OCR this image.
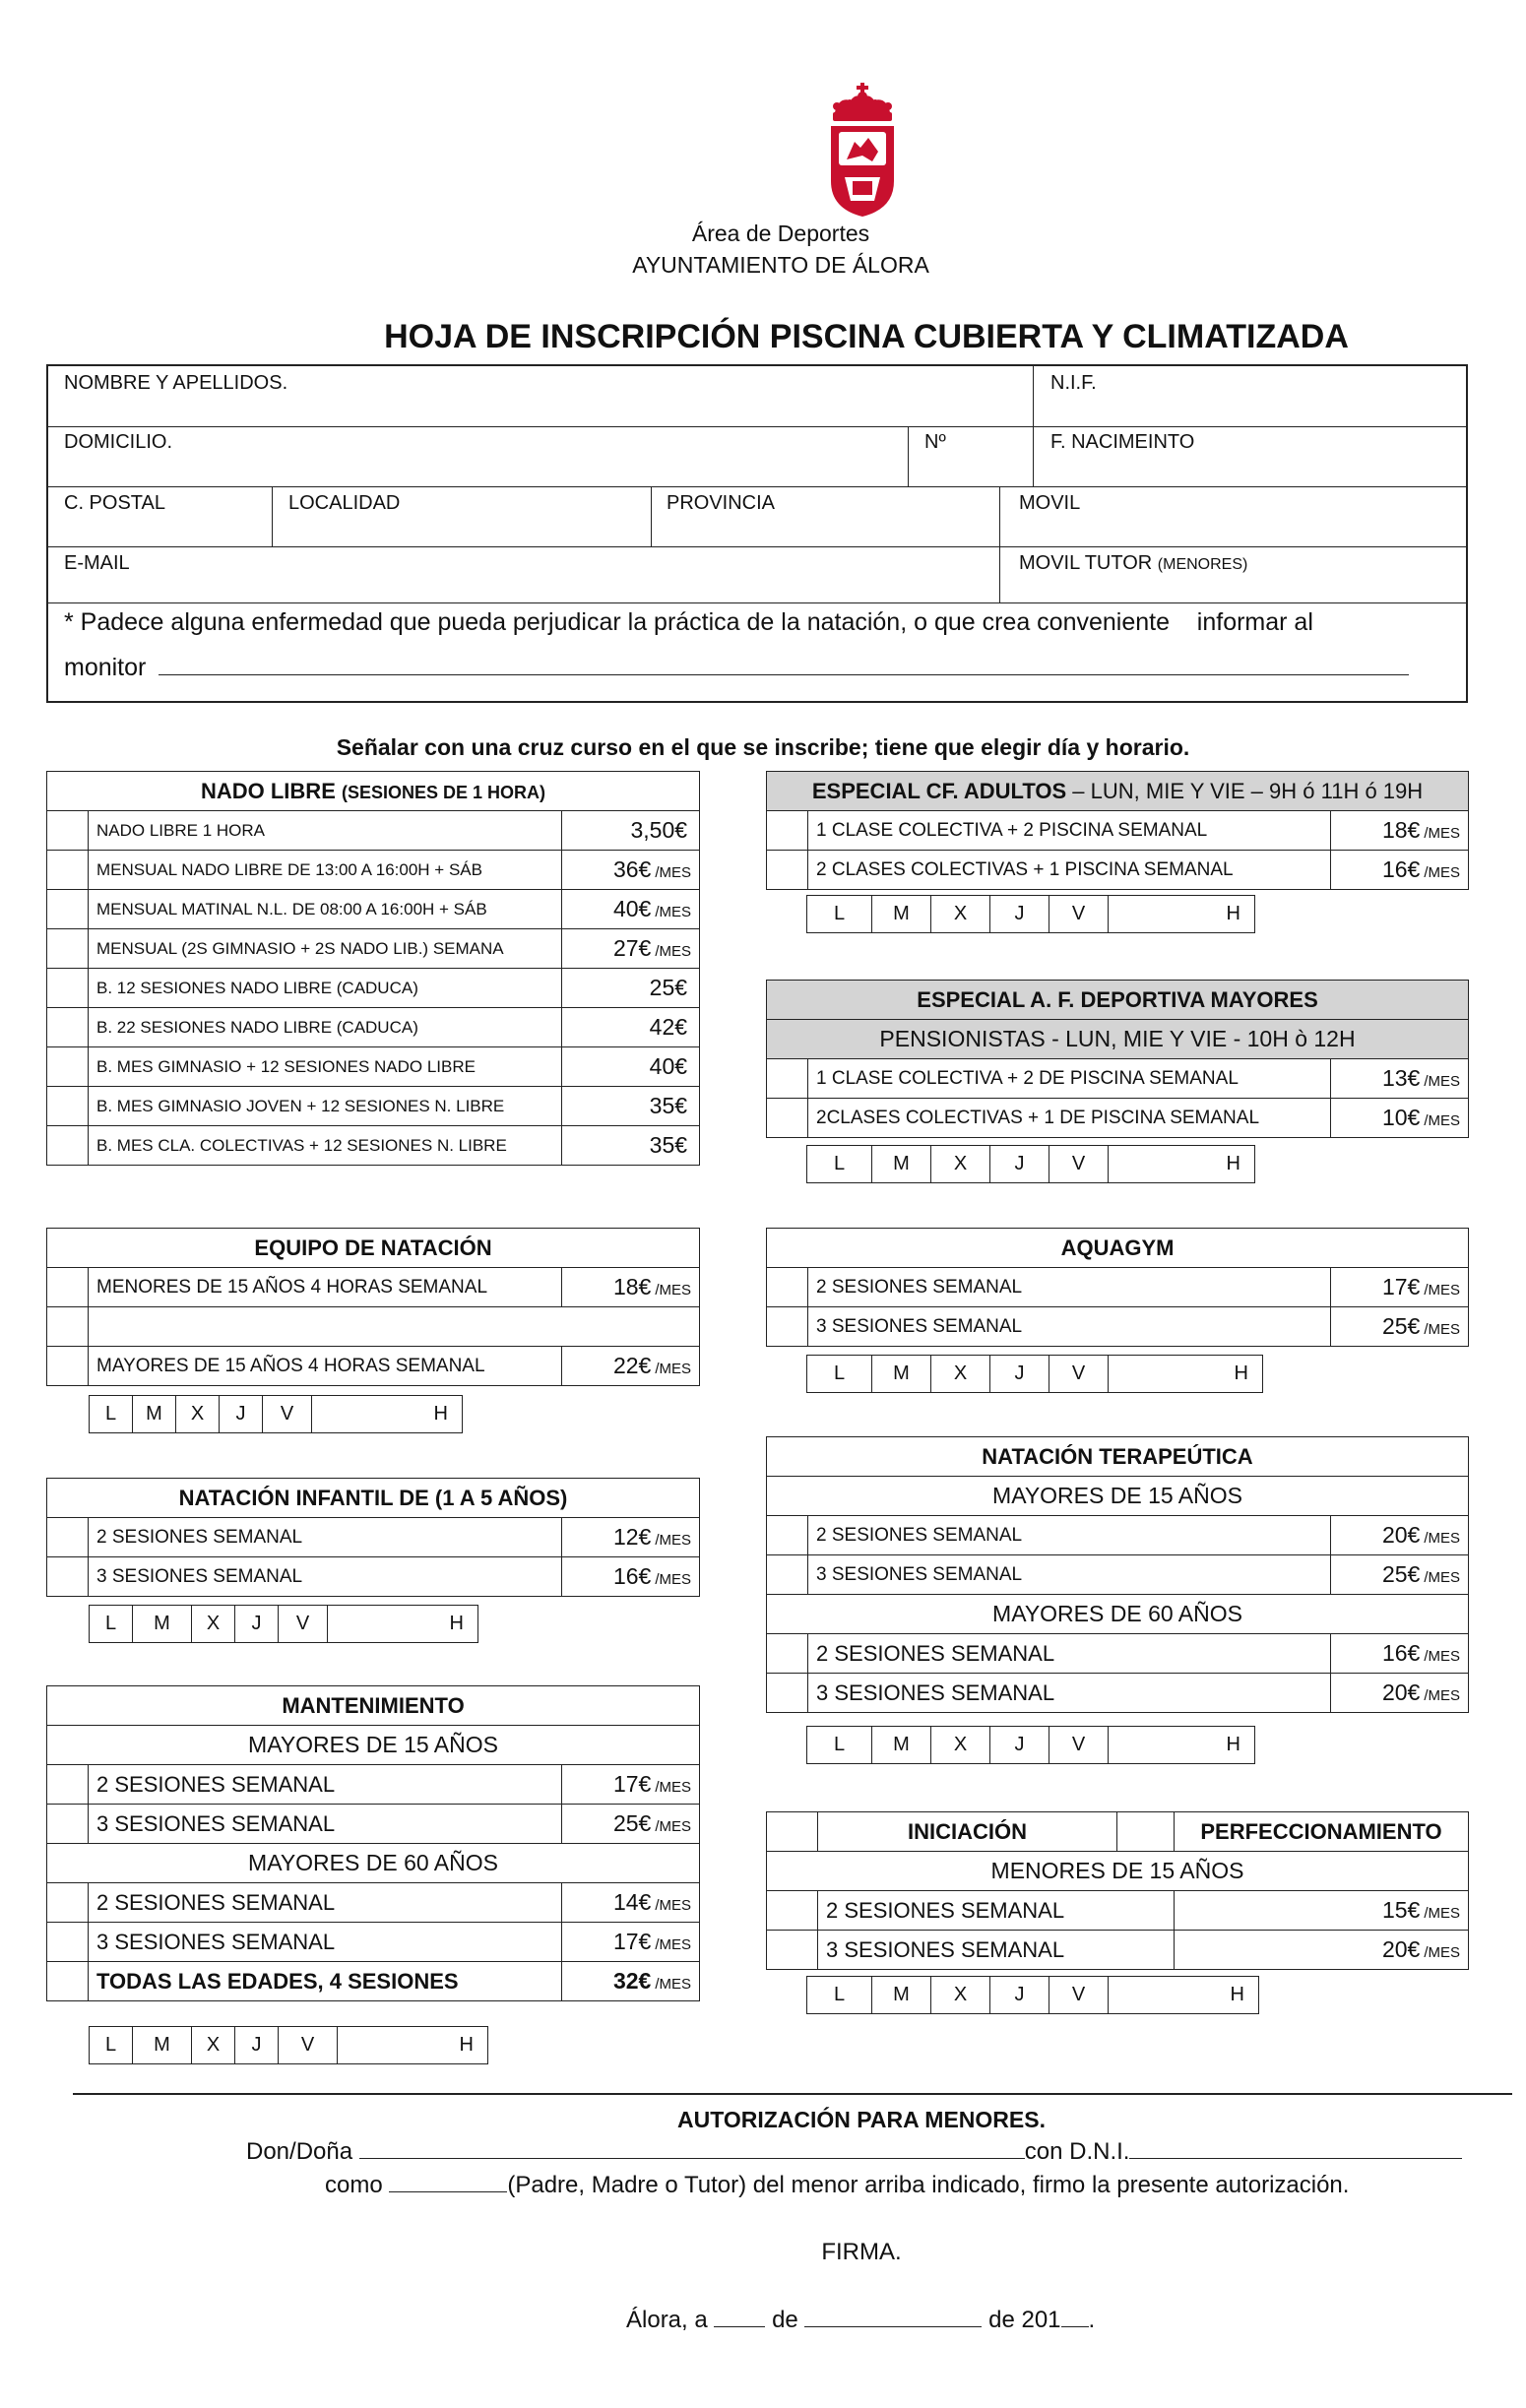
Área de Deportes
AYUNTAMIENTO DE ÁLORA
HOJA DE INSCRIPCIÓN PISCINA CUBIERTA Y CLIMATIZADA
NOMBRE Y APELLIDOS.	N.I.F.
DOMICILIO.	Nº	F. NACIMEINTO
C. POSTAL	LOCALIDAD	PROVINCIA	MOVIL
E-MAIL	MOVIL TUTOR (MENORES)
* Padece alguna enfermedad que pueda perjudicar la práctica de la natación, o que crea conveniente    informar al
monitor
Señalar con una cruz curso en el que se inscribe; tiene que elegir día y horario.
NADO LIBRE (SESIONES DE 1 HORA)		
	NADO LIBRE 1 HORA	3,50€
	MENSUAL NADO LIBRE DE 13:00 A 16:00H + SÁB	36€ /MES
	MENSUAL MATINAL N.L. DE 08:00 A 16:00H + SÁB	40€ /MES
	MENSUAL (2S GIMNASIO + 2S NADO LIB.) SEMANA	27€ /MES
	B. 12 SESIONES NADO LIBRE (CADUCA)	25€
	B. 22 SESIONES NADO LIBRE (CADUCA)	42€
	B. MES GIMNASIO + 12 SESIONES NADO LIBRE	40€
	B. MES GIMNASIO JOVEN + 12 SESIONES N. LIBRE	35€
	B. MES CLA. COLECTIVAS + 12 SESIONES N. LIBRE	35€
ESPECIAL CF. ADULTOS – LUN, MIE Y VIE – 9H ó 11H ó 19H		
	1 CLASE COLECTIVA + 2 PISCINA SEMANAL	18€ /MES
	2 CLASES COLECTIVAS + 1 PISCINA SEMANAL	16€ /MES
ESPECIAL A. F. DEPORTIVA MAYORES		
PENSIONISTAS - LUN, MIE Y VIE - 10H ò 12H		
	1 CLASE COLECTIVA + 2 DE PISCINA SEMANAL	13€ /MES
	2CLASES COLECTIVAS + 1 DE PISCINA SEMANAL	10€ /MES
EQUIPO DE NATACIÓN		
	MENORES DE 15 AÑOS 4 HORAS SEMANAL	18€ /MES

	MAYORES DE 15 AÑOS 4 HORAS SEMANAL	22€ /MES
AQUAGYM		
	2 SESIONES SEMANAL	17€ /MES
	3 SESIONES SEMANAL	25€ /MES
NATACIÓN INFANTIL DE (1 A 5 AÑOS)		
	2 SESIONES SEMANAL	12€ /MES
	3 SESIONES SEMANAL	16€ /MES
NATACIÓN TERAPEÚTICA		
MAYORES DE 15 AÑOS		
	2 SESIONES SEMANAL	20€ /MES
	3 SESIONES SEMANAL	25€ /MES
MAYORES DE 60 AÑOS		
	2 SESIONES SEMANAL	16€ /MES
	3 SESIONES SEMANAL	20€ /MES
MANTENIMIENTO		
MAYORES DE 15 AÑOS		
	2 SESIONES SEMANAL	17€ /MES
	3 SESIONES SEMANAL	25€ /MES
MAYORES DE 60 AÑOS		
	2 SESIONES SEMANAL	14€ /MES
	3 SESIONES SEMANAL	17€ /MES
	TODAS LAS EDADES, 4 SESIONES	32€ /MES
	INICIACIÓN		PERFECCIONAMIENTO
MENORES DE 15 AÑOS			
	2 SESIONES SEMANAL		15€ /MES
	3 SESIONES SEMANAL		20€ /MES
AUTORIZACIÓN PARA MENORES.
Don/Doña	con D.N.I.
como	(Padre, Madre o Tutor) del menor arriba indicado, firmo la presente autorización.
FIRMA.
Álora, a	de	de 201 .
L	M	X	J	V	H
L	M	X	J	V	H
L	M	X	J	V	H
L	M	X	J	V	H
L	M	X	J	V	H
L	M	X	J	V	H
L	M	X	J	V	H
L	M	X	J	V	H
